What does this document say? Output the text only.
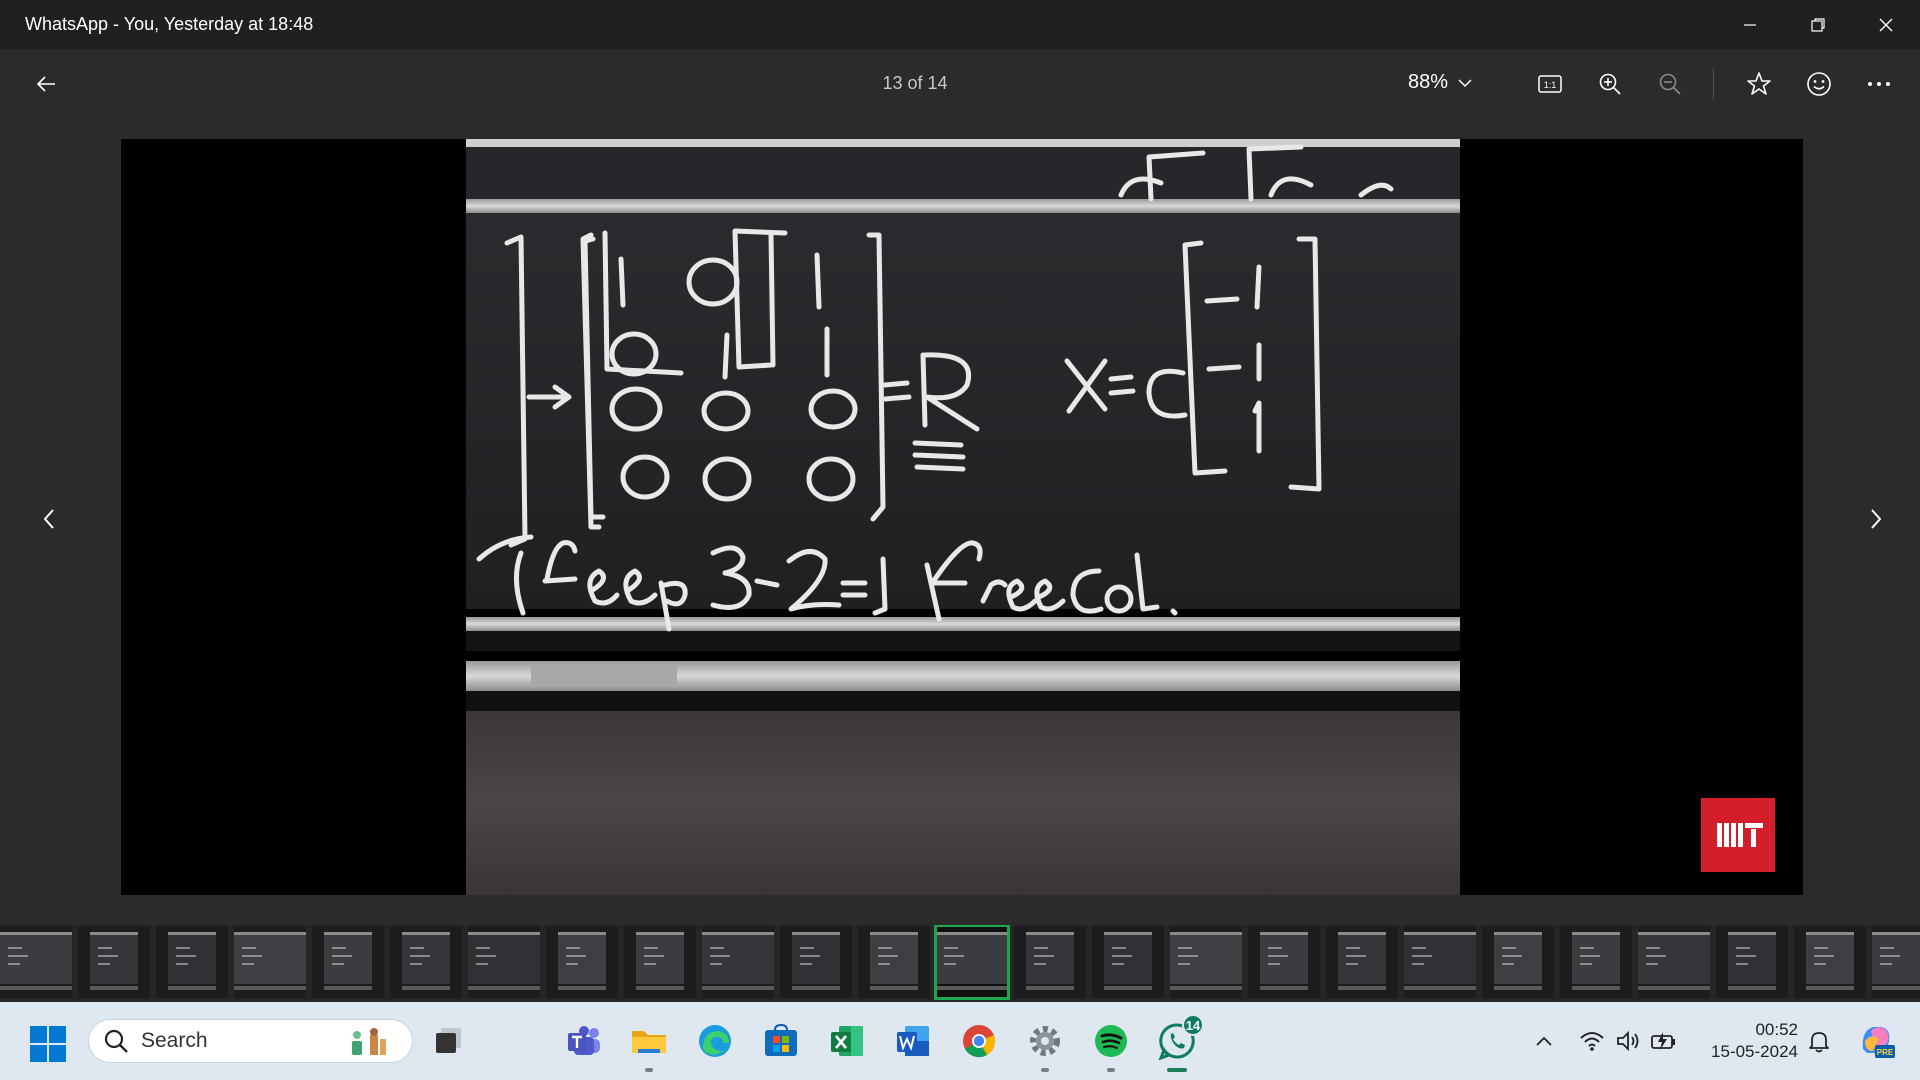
WhatsApp - You, Yesterday at 18:48
13 of 14	88%	1:1
Search
14	00:52
15-05-2024	PRE
